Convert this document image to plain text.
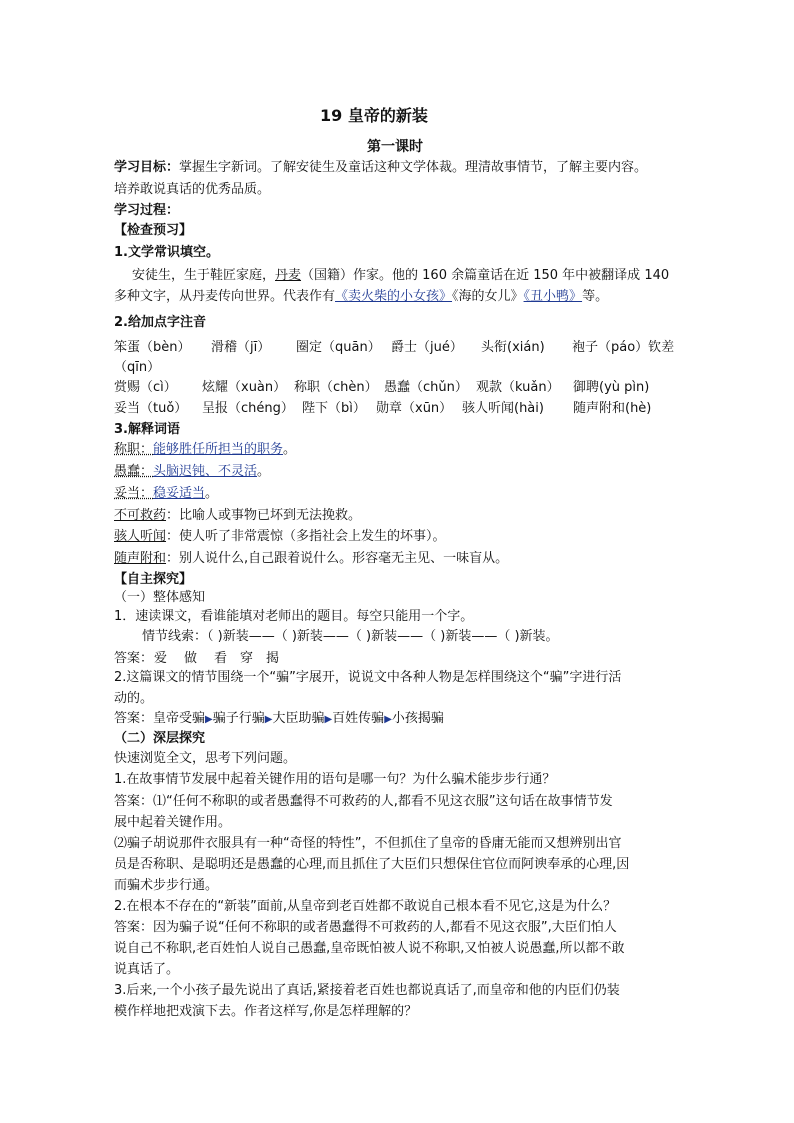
19 皇帝的新装
第一课时
学习目标：掌握生字新词。了解安徒生及童话这种文学体裁。理清故事情节，了解主要内容。
培养敢说真话的优秀品质。
学习过程：
【检查预习】
1.文学常识填空。
安徒生，生于鞋匠家庭，丹麦（国籍）作家。他的 160 余篇童话在近 150 年中被翻译成 140
多种文字，从丹麦传向世界。代表作有《卖火柴的小女孩》《海的女儿》《丑小鸭》等。
2.给加点字注音
笨蛋（bèn） 滑稽（jī） 圈定（quān） 爵士（jué） 头衔(xián) 袍子（páo）钦差
（qīn）
赏赐（cì） 炫耀（xuàn） 称职（chèn） 愚蠢（chǔn） 观款（kuǎn） 御聘(yù pìn)
妥当（tuǒ） 呈报（chéng） 陛下（bì） 勋章（xūn） 骇人听闻(hài) 随声附和(hè)
3.解释词语
称职：能够胜任所担当的职务。
愚蠢：头脑迟钝、不灵活。
妥当：稳妥适当。
不可救药：比喻人或事物已坏到无法挽救。
骇人听闻：使人听了非常震惊（多指社会上发生的坏事）。
随声附和：别人说什么,自己跟着说什么。形容毫无主见、一味盲从。
【自主探究】
（一）整体感知
1．速读课文，看谁能填对老师出的题目。每空只能用一个字。
情节线索：（ )新装——（ )新装——（ )新装——（ )新装——（ )新装。
答案： 爱 做 看 穿 揭
2.这篇课文的情节围绕一个“骗”字展开，说说文中各种人物是怎样围绕这个“骗”字进行活
动的。
答案：皇帝受骗▶骗子行骗▶大臣助骗▶百姓传骗▶小孩揭骗
（二）深层探究
快速浏览全文，思考下列问题。
1.在故事情节发展中起着关键作用的语句是哪一句？为什么骗术能步步行通？
答案：⑴“任何不称职的或者愚蠢得不可救药的人,都看不见这衣服”这句话在故事情节发
展中起着关键作用。
⑵骗子胡说那件衣服具有一种“奇怪的特性”，不但抓住了皇帝的昏庸无能而又想辨别出官
员是否称职、是聪明还是愚蠢的心理,而且抓住了大臣们只想保住官位而阿谀奉承的心理,因
而骗术步步行通。
2.在根本不存在的“新装”面前,从皇帝到老百姓都不敢说自己根本看不见它,这是为什么？
答案：因为骗子说“任何不称职的或者愚蠢得不可救药的人,都看不见这衣服”,大臣们怕人
说自己不称职,老百姓怕人说自己愚蠢,皇帝既怕被人说不称职,又怕被人说愚蠢,所以都不敢
说真话了。
3.后来,一个小孩子最先说出了真话,紧接着老百姓也都说真话了,而皇帝和他的内臣们仍装
模作样地把戏演下去。作者这样写,你是怎样理解的？
